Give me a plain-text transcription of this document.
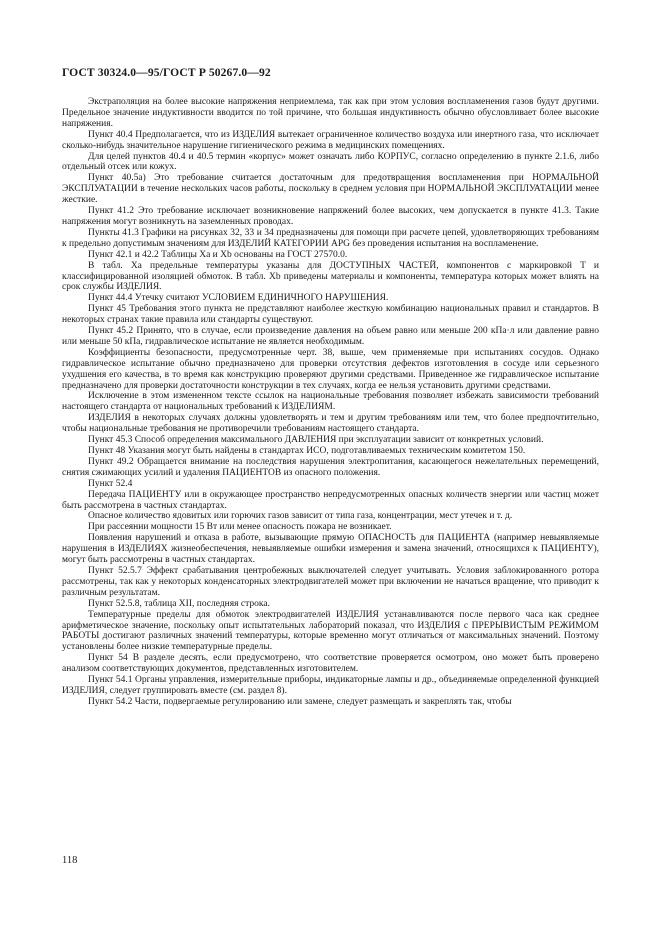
ГОСТ 30324.0—95/ГОСТ Р 50267.0—92

Экстраполяция на более высокие напряжения неприемлема, так как при этом условия воспламенения газов будут другими. Предельное значение индуктивности вводится по той причине, что большая индуктивность обычно обусловливает более высокие напряжения.

Пункт 40.4 Предполагается, что из ИЗДЕЛИЯ вытекает ограниченное количество воздуха или инертного газа, что исключает сколько-нибудь значительное нарушение гигиенического режима в медицинских помещениях.

Для целей пунктов 40.4 и 40.5 термин «корпус» может означать либо КОРПУС, согласно определению в пункте 2.1.6, либо отдельный отсек или кожух.

Пункт 40.5а) Это требование считается достаточным для предотвращения воспламенения при НОРМАЛЬНОЙ ЭКСПЛУАТАЦИИ в течение нескольких часов работы, поскольку в среднем условия при НОРМАЛЬНОЙ ЭКСПЛУАТАЦИИ менее жесткие.

Пункт 41.2 Это требование исключает возникновение напряжений более высоких, чем допускается в пункте 41.3. Такие напряжения могут возникнуть на заземленных проводах.

Пункты 41.3 Графики на рисунках 32, 33 и 34 предназначены для помощи при расчете цепей, удовлетворяющих требованиям к предельно допустимым значениям для ИЗДЕЛИЙ КАТЕГОРИИ APG без проведения испытания на воспламенение.

Пункт 42.1 и 42.2 Таблицы Xa и Xb основаны на ГОСТ 27570.0.

В табл. Xa предельные температуры указаны для ДОСТУПНЫХ ЧАСТЕЙ, компонентов с маркировкой T и классифицированной изоляцией обмоток. В табл. Xb приведены материалы и компоненты, температура которых может влиять на срок службы ИЗДЕЛИЯ.

Пункт 44.4 Утечку считают УСЛОВИЕМ ЕДИНИЧНОГО НАРУШЕНИЯ.

Пункт 45 Требования этого пункта не представляют наиболее жесткую комбинацию национальных правил и стандартов. В некоторых странах такие правила или стандарты существуют.

Пункт 45.2 Принято, что в случае, если произведение давления на объем равно или меньше 200 кПа·л или давление равно или меньше 50 кПа, гидравлическое испытание не является необходимым.

Коэффициенты безопасности, предусмотренные черт. 38, выше, чем применяемые при испытаниях сосудов. Однако гидравлическое испытание обычно предназначено для проверки отсутствия дефектов изготовления в сосуде или серьезного ухудшения его качества, в то время как конструкцию проверяют другими средствами. Приведенное же гидравлическое испытание предназначено для проверки достаточности конструкции в тех случаях, когда ее нельзя установить другими средствами.

Исключение в этом измененном тексте ссылок на национальные требования позволяет избежать зависимости требований настоящего стандарта от национальных требований к ИЗДЕЛИЯМ.

ИЗДЕЛИЯ в некоторых случаях должны удовлетворять и тем и другим требованиям или тем, что более предпочтительно, чтобы национальные требования не противоречили требованиям настоящего стандарта.

Пункт 45.3 Способ определения максимального ДАВЛЕНИЯ при эксплуатации зависит от конкретных условий.

Пункт 48 Указания могут быть найдены в стандартах ИСО, подготавливаемых техническим комитетом 150.

Пункт 49.2 Обращается внимание на последствия нарушения электропитания, касающегося нежелательных перемещений, снятия сжимающих усилий и удаления ПАЦИЕНТОВ из опасного положения.

Пункт 52.4

Передача ПАЦИЕНТУ или в окружающее пространство непредусмотренных опасных количеств энергии или частиц может быть рассмотрена в частных стандартах.

Опасное количество ядовитых или горючих газов зависит от типа газа, концентрации, мест утечек и т. д.

При рассеянии мощности 15 Вт или менее опасность пожара не возникает.

Появления нарушений и отказа в работе, вызывающие прямую ОПАСНОСТЬ для ПАЦИЕНТА (например невыявляемые нарушения в ИЗДЕЛИЯХ жизнеобеспечения, невыявляемые ошибки измерения и замена значений, относящихся к ПАЦИЕНТУ), могут быть рассмотрены в частных стандартах.

Пункт 52.5.7 Эффект срабатывания центробежных выключателей следует учитывать. Условия заблокированного ротора рассмотрены, так как у некоторых конденсаторных электродвигателей может при включении не начаться вращение, что приводит к различным результатам.

Пункт 52.5.8, таблица XII, последняя строка.

Температурные пределы для обмоток электродвигателей ИЗДЕЛИЯ устанавливаются после первого часа как среднее арифметическое значение, поскольку опыт испытательных лабораторий показал, что ИЗДЕЛИЯ с ПРЕРЫВИСТЫМ РЕЖИМОМ РАБОТЫ достигают различных значений температуры, которые временно могут отличаться от максимальных значений. Поэтому установлены более низкие температурные пределы.

Пункт 54 В разделе десять, если предусмотрено, что соответствие проверяется осмотром, оно может быть проверено анализом соответствующих документов, представленных изготовителем.

Пункт 54.1 Органы управления, измерительные приборы, индикаторные лампы и др., объединяемые определенной функцией ИЗДЕЛИЯ, следует группировать вместе (см. раздел 8).

Пункт 54.2 Части, подвергаемые регулированию или замене, следует размещать и закреплять так, чтобы

118
